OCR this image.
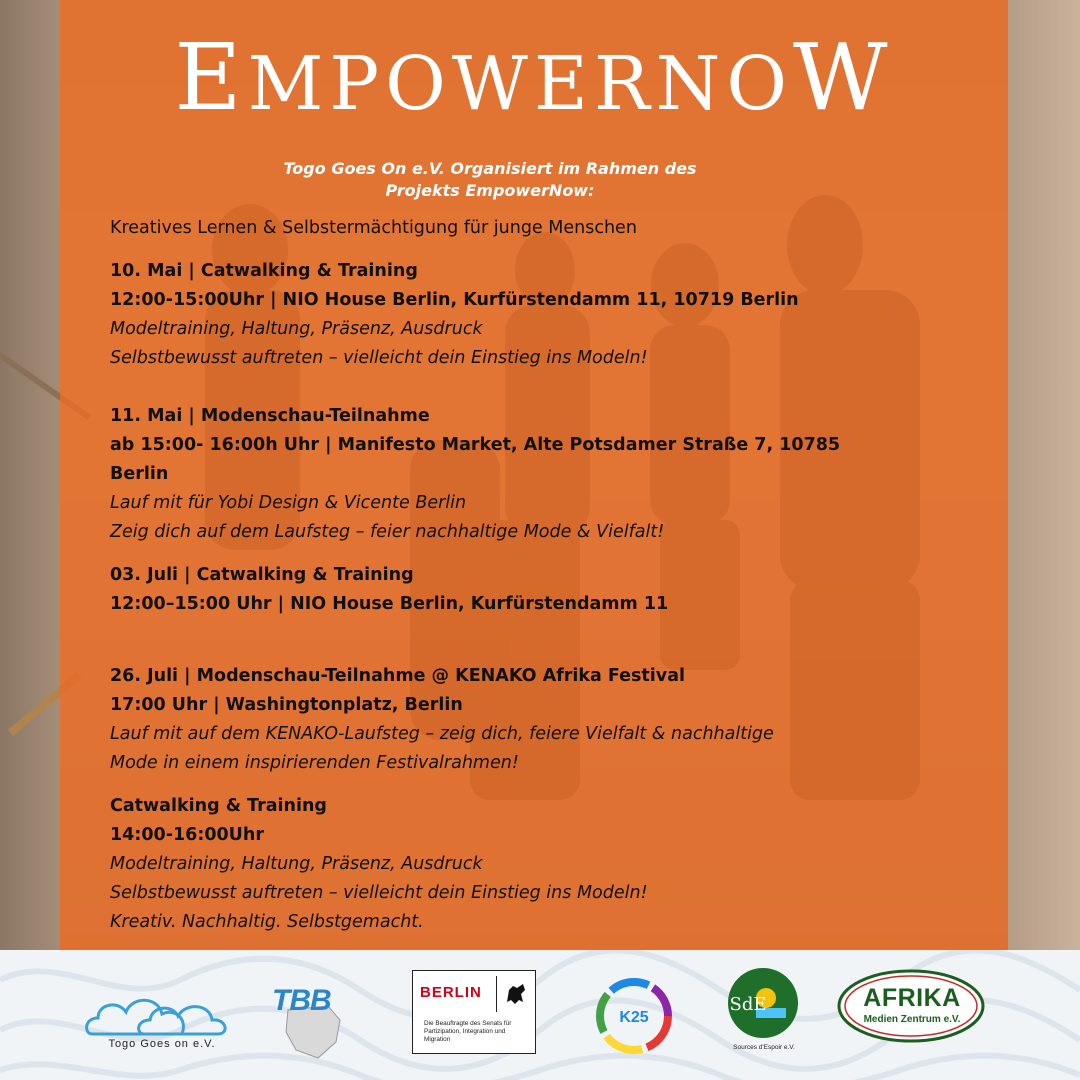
EMPOWERNOW
Togo Goes On e.V. Organisiert im Rahmen des
Projekts EmpowerNow:
Kreatives Lernen & Selbstermächtigung für junge Menschen
10. Mai | Catwalking & Training
12:00-15:00Uhr | NIO House Berlin, Kurfürstendamm 11, 10719 Berlin
Modeltraining, Haltung, Präsenz, Ausdruck
Selbstbewusst auftreten – vielleicht dein Einstieg ins Modeln!
11. Mai | Modenschau-Teilnahme
ab 15:00- 16:00h Uhr | Manifesto Market, Alte Potsdamer Straße 7, 10785
Berlin
Lauf mit für Yobi Design & Vicente Berlin
Zeig dich auf dem Laufsteg – feier nachhaltige Mode & Vielfalt!
03. Juli | Catwalking & Training
12:00–15:00 Uhr | NIO House Berlin, Kurfürstendamm 11
26. Juli | Modenschau-Teilnahme @ KENAKO Afrika Festival
17:00 Uhr | Washingtonplatz, Berlin
Lauf mit auf dem KENAKO-Laufsteg – zeig dich, feiere Vielfalt & nachhaltige
Mode in einem inspirierenden Festivalrahmen!
Catwalking & Training
14:00-16:00Uhr
Modeltraining, Haltung, Präsenz, Ausdruck
Selbstbewusst auftreten – vielleicht dein Einstieg ins Modeln!
Kreativ. Nachhaltig. Selbstgemacht.
Togo Goes on e.V.
TBB	BERLIN
Die Beauftragte des Senats für Partizipation, Integration und Migration
K25
SdE
Sources d'Espoir e.V.
AFRIKA
Medien Zentrum e.V.
